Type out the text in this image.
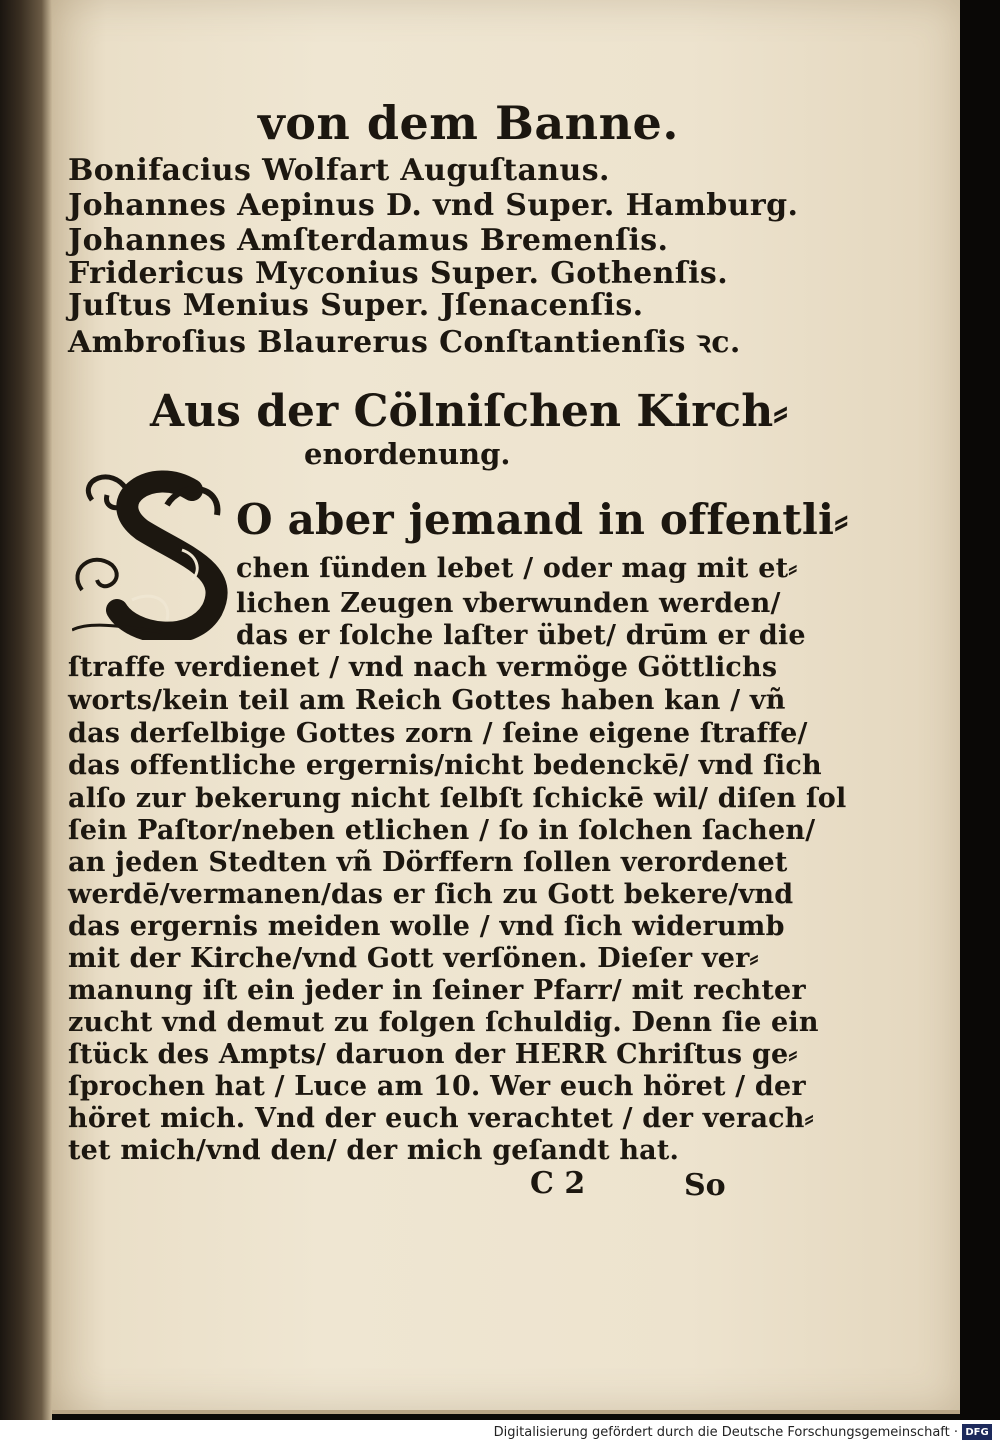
von dem Banne.
Bonifacius Wolfart Auguſtanus.
Johannes Aepinus D. vnd Super. Hamburg.
Johannes Amſterdamus Bremenſis.
Fridericus Myconius Super. Gothenſis.
Juſtus Menius Super. Jſenacenſis.
Ambroſius Blaurerus Conſtantienſis ꝛc.
Aus der Cölniſchen Kirch⸗
enordenung.
O aber jemand in offentli⸗
chen ſünden lebet / oder mag mit et⸗
lichen Zeugen vberwunden werden/
das er ſolche laſter übet/ drūm er die
ſtraffe verdienet / vnd nach vermöge Göttlichs
worts/kein teil am Reich Gottes haben kan / vñ
das derſelbige Gottes zorn / ſeine eigene ſtraffe/
das offentliche ergernis/nicht bedenckē/ vnd ſich
alſo zur bekerung nicht ſelbſt ſchickē wil/ diſen ſol
ſein Paſtor/neben etlichen / ſo in ſolchen ſachen/
an jeden Stedten vñ Dörffern ſollen verordenet
werdē/vermanen/das er ſich zu Gott bekere/vnd
das ergernis meiden wolle / vnd ſich widerumb
mit der Kirche/vnd Gott verſönen. Dieſer ver⸗
manung iſt ein jeder in ſeiner Pfarr/ mit rechter
zucht vnd demut zu folgen ſchuldig. Denn ſie ein
ſtück des Ampts/ daruon der HERR Chriſtus ge⸗
ſprochen hat / Luce am 10. Wer euch höret / der
höret mich. Vnd der euch verachtet / der verach⸗
tet mich/vnd den/ der mich geſandt hat.
C 2	So
Digitalisierung gefördert durch die Deutsche Forschungsgemeinschaft · DFG
